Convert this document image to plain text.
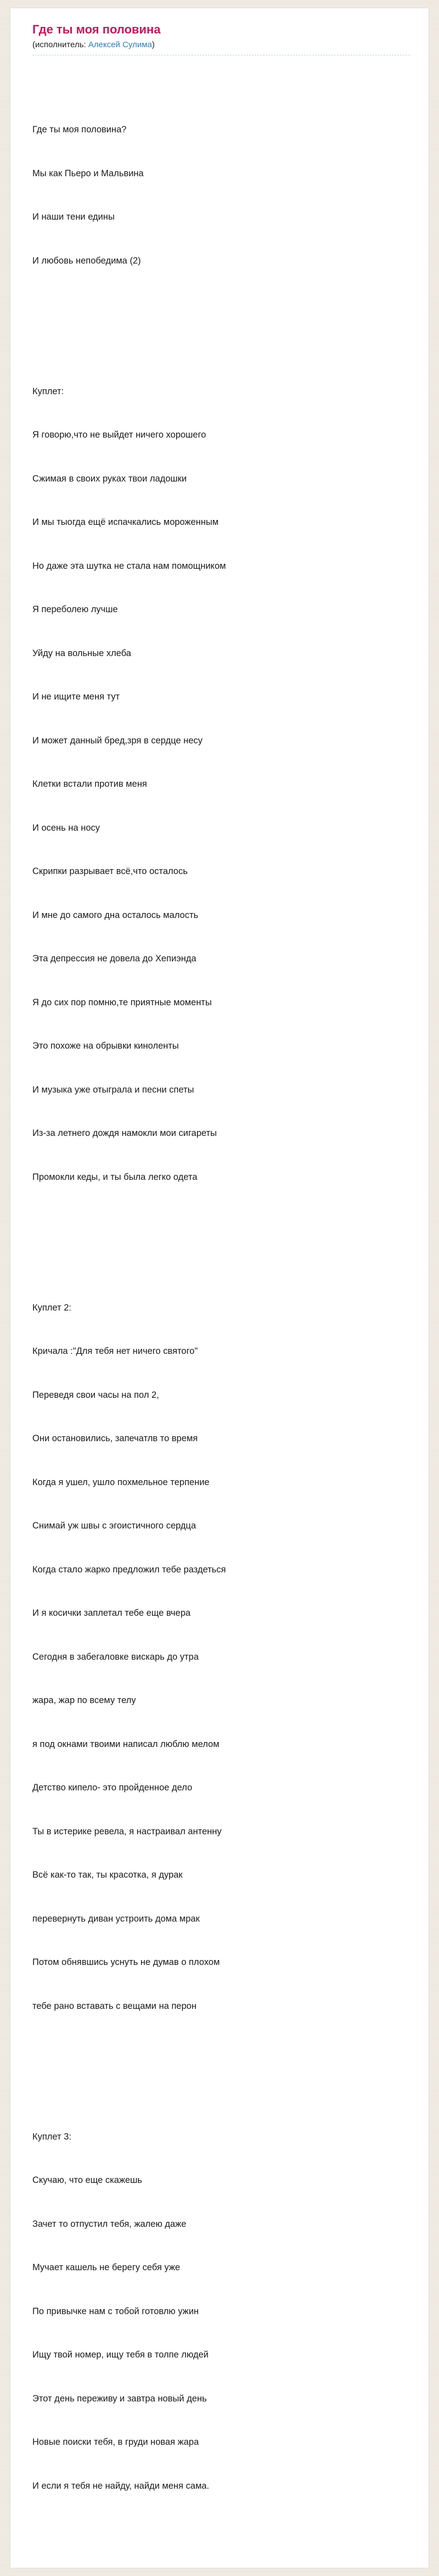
Где ты моя половина
(исполнитель: Алексей Сулима)

Где ты моя половина?

Мы как Пьеро и Мальвина

И наши тени едины

И любовь непобедима (2)

Куплет:

Я говорю,что не выйдет ничего хорошего

Сжимая в своих руках твои ладошки

И мы тыогда ещё испачкались мороженным

Но даже эта шутка не стала нам помощником

Я переболею лучше

Уйду на вольные хлеба

И не ищите меня тут

И может данный бред,зря в сердце несу

Клетки встали против меня

И осень на носу

Скрипки разрывает всё,что осталось

И мне до самого дна осталось малость

Эта депрессия не довела до Хепиэнда

Я до сих пор помню,те приятные моменты

Это похоже на обрывки киноленты

И музыка уже отыграла и песни спеты

Из-за летнего дождя намокли мои сигареты

Промокли кеды, и ты была легко одета

Куплет 2:

Кричала :"Для тебя нет ничего святого"

Переведя свои часы на пол 2,

Они остановились, запечатлв то время

Когда я ушел, ушло похмельное терпение

Снимай уж швы с эгоистичного сердца

Когда стало жарко предложил тебе раздеться

И я косички заплетал тебе еще вчера

Сегодня в забегаловке вискарь до утра

жара, жар по всему телу

я под окнами твоими написал люблю мелом

Детство кипело- это пройденное дело

Ты в истерике ревела, я настраивал антенну

Всё как-то так, ты красотка, я дурак

перевернуть диван устроить дома мрак

Потом обнявшись уснуть не думав о плохом

тебе рано вставать с вещами на перон

Куплет 3:

Скучаю, что еще скажешь

Зачет то отпустил тебя, жалею даже

Мучает кашель не берегу себя уже

По привычке нам с тобой готовлю ужин

Ищу твой номер, ищу тебя в толпе людей

Этот день переживу и завтра новый день

Новые поиски тебя, в груди новая жара

И если я тебя не найду, найди меня сама.
